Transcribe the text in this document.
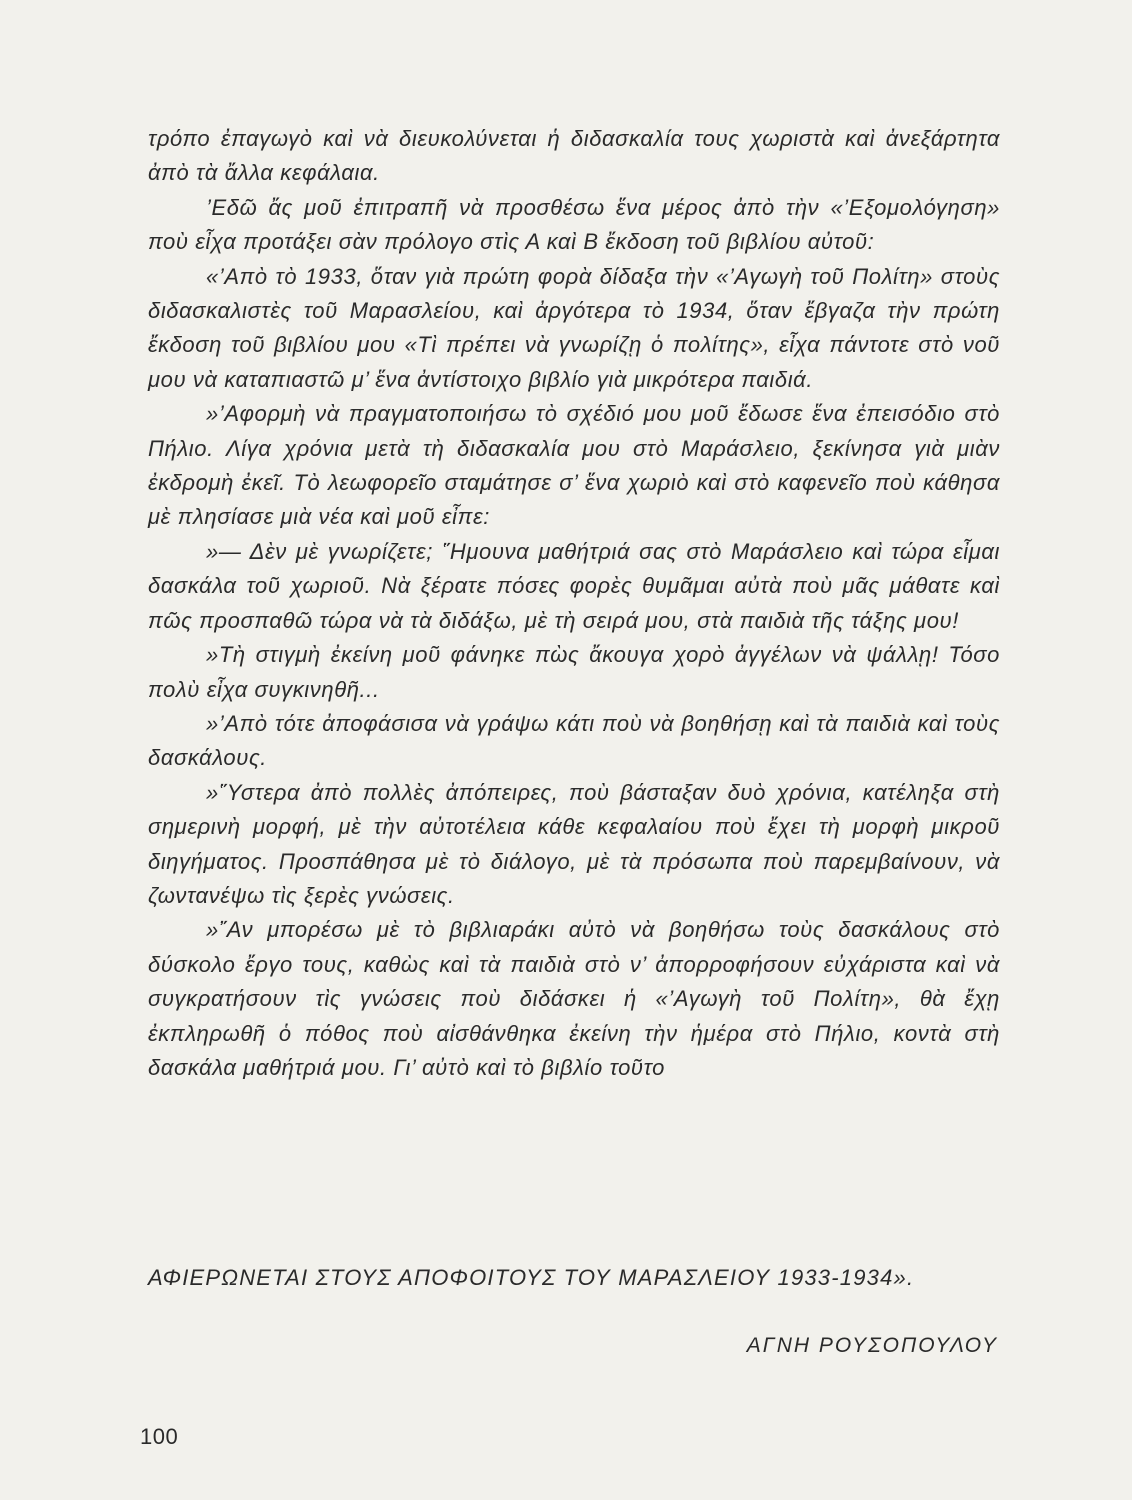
τρόπο ἐπαγωγὸ καὶ νὰ διευκολύνεται ἡ διδασκαλία τους χωριστὰ καὶ ἀνεξάρτητα ἀπὸ τὰ ἄλλα κεφάλαια.

’Εδῶ ἄς μοῦ ἐπιτραπῆ νὰ προσθέσω ἕνα μέρος ἀπὸ τὴν «’Εξομολόγηση» ποὺ εἶχα προτάξει σὰν πρόλογο στὶς Α καὶ Β ἔκδοση τοῦ βιβλίου αὐτοῦ:

«’Απὸ τὸ 1933, ὅταν γιὰ πρώτη φορὰ δίδαξα τὴν «’Αγωγὴ τοῦ Πολίτη» στοὺς διδασκαλιστὲς τοῦ Μαρασλείου, καὶ ἀργότερα τὸ 1934, ὅταν ἔβγαζα τὴν πρώτη ἔκδοση τοῦ βιβλίου μου «Τὶ πρέπει νὰ γνωρίζῃ ὁ πολίτης», εἶχα πάντοτε στὸ νοῦ μου νὰ καταπιαστῶ μ’ ἕνα ἀντίστοιχο βιβλίο γιὰ μικρότερα παιδιά.

»’Αφορμὴ νὰ πραγματοποιήσω τὸ σχέδιό μου μοῦ ἔδωσε ἕνα ἐπεισόδιο στὸ Πήλιο. Λίγα χρόνια μετὰ τὴ διδασκαλία μου στὸ Μαράσλειο, ξεκίνησα γιὰ μιὰν ἐκδρομὴ ἐκεῖ. Τὸ λεωφορεῖο σταμάτησε σ’ ἕνα χωριὸ καὶ στὸ καφενεῖο ποὺ κάθησα μὲ πλησίασε μιὰ νέα καὶ μοῦ εἶπε:

»— Δὲν μὲ γνωρίζετε; ῞Ημουνα μαθήτριά σας στὸ Μαράσλειο καὶ τώρα εἶμαι δασκάλα τοῦ χωριοῦ. Νὰ ξέρατε πόσες φορὲς θυμᾶμαι αὐτὰ ποὺ μᾶς μάθατε καὶ πῶς προσπαθῶ τώρα νὰ τὰ διδάξω, μὲ τὴ σειρά μου, στὰ παιδιὰ τῆς τάξης μου!

»Τὴ στιγμὴ ἐκείνη μοῦ φάνηκε πὼς ἄκουγα χορὸ ἀγγέλων νὰ ψάλλῃ! Τόσο πολὺ εἶχα συγκινηθῆ...

»’Απὸ τότε ἀποφάσισα νὰ γράψω κάτι ποὺ νὰ βοηθήσῃ καὶ τὰ παιδιὰ καὶ τοὺς δασκάλους.

»῞Υστερα ἀπὸ πολλὲς ἀπόπειρες, ποὺ βάσταξαν δυὸ χρόνια, κατέληξα στὴ σημερινὴ μορφή, μὲ τὴν αὐτοτέλεια κάθε κεφαλαίου ποὺ ἔχει τὴ μορφὴ μικροῦ διηγήματος. Προσπάθησα μὲ τὸ διάλογο, μὲ τὰ πρόσωπα ποὺ παρεμβαίνουν, νὰ ζωντανέψω τὶς ξερὲς γνώσεις.

»῎Αν μπορέσω μὲ τὸ βιβλιαράκι αὐτὸ νὰ βοηθήσω τοὺς δασκάλους στὸ δύσκολο ἔργο τους, καθὼς καὶ τὰ παιδιὰ στὸ ν’ ἀπορροφήσουν εὐχάριστα καὶ νὰ συγκρατήσουν τὶς γνώσεις ποὺ διδάσκει ἡ «’Αγωγὴ τοῦ Πολίτη», θὰ ἔχῃ ἐκπληρωθῆ ὁ πόθος ποὺ αἰσθάνθηκα ἐκείνη τὴν ἡμέρα στὸ Πήλιο, κοντὰ στὴ δασκάλα μαθήτριά μου. Γι’ αὐτὸ καὶ τὸ βιβλίο τοῦτο

ΑΦΙΕΡΩΝΕΤΑΙ ΣΤΟΥΣ ΑΠΟΦΟΙΤΟΥΣ ΤΟΥ ΜΑΡΑΣΛΕΙΟΥ 1933-1934».
ΑΓΝΗ ΡΟΥΣΟΠΟΥΛΟΥ
100
